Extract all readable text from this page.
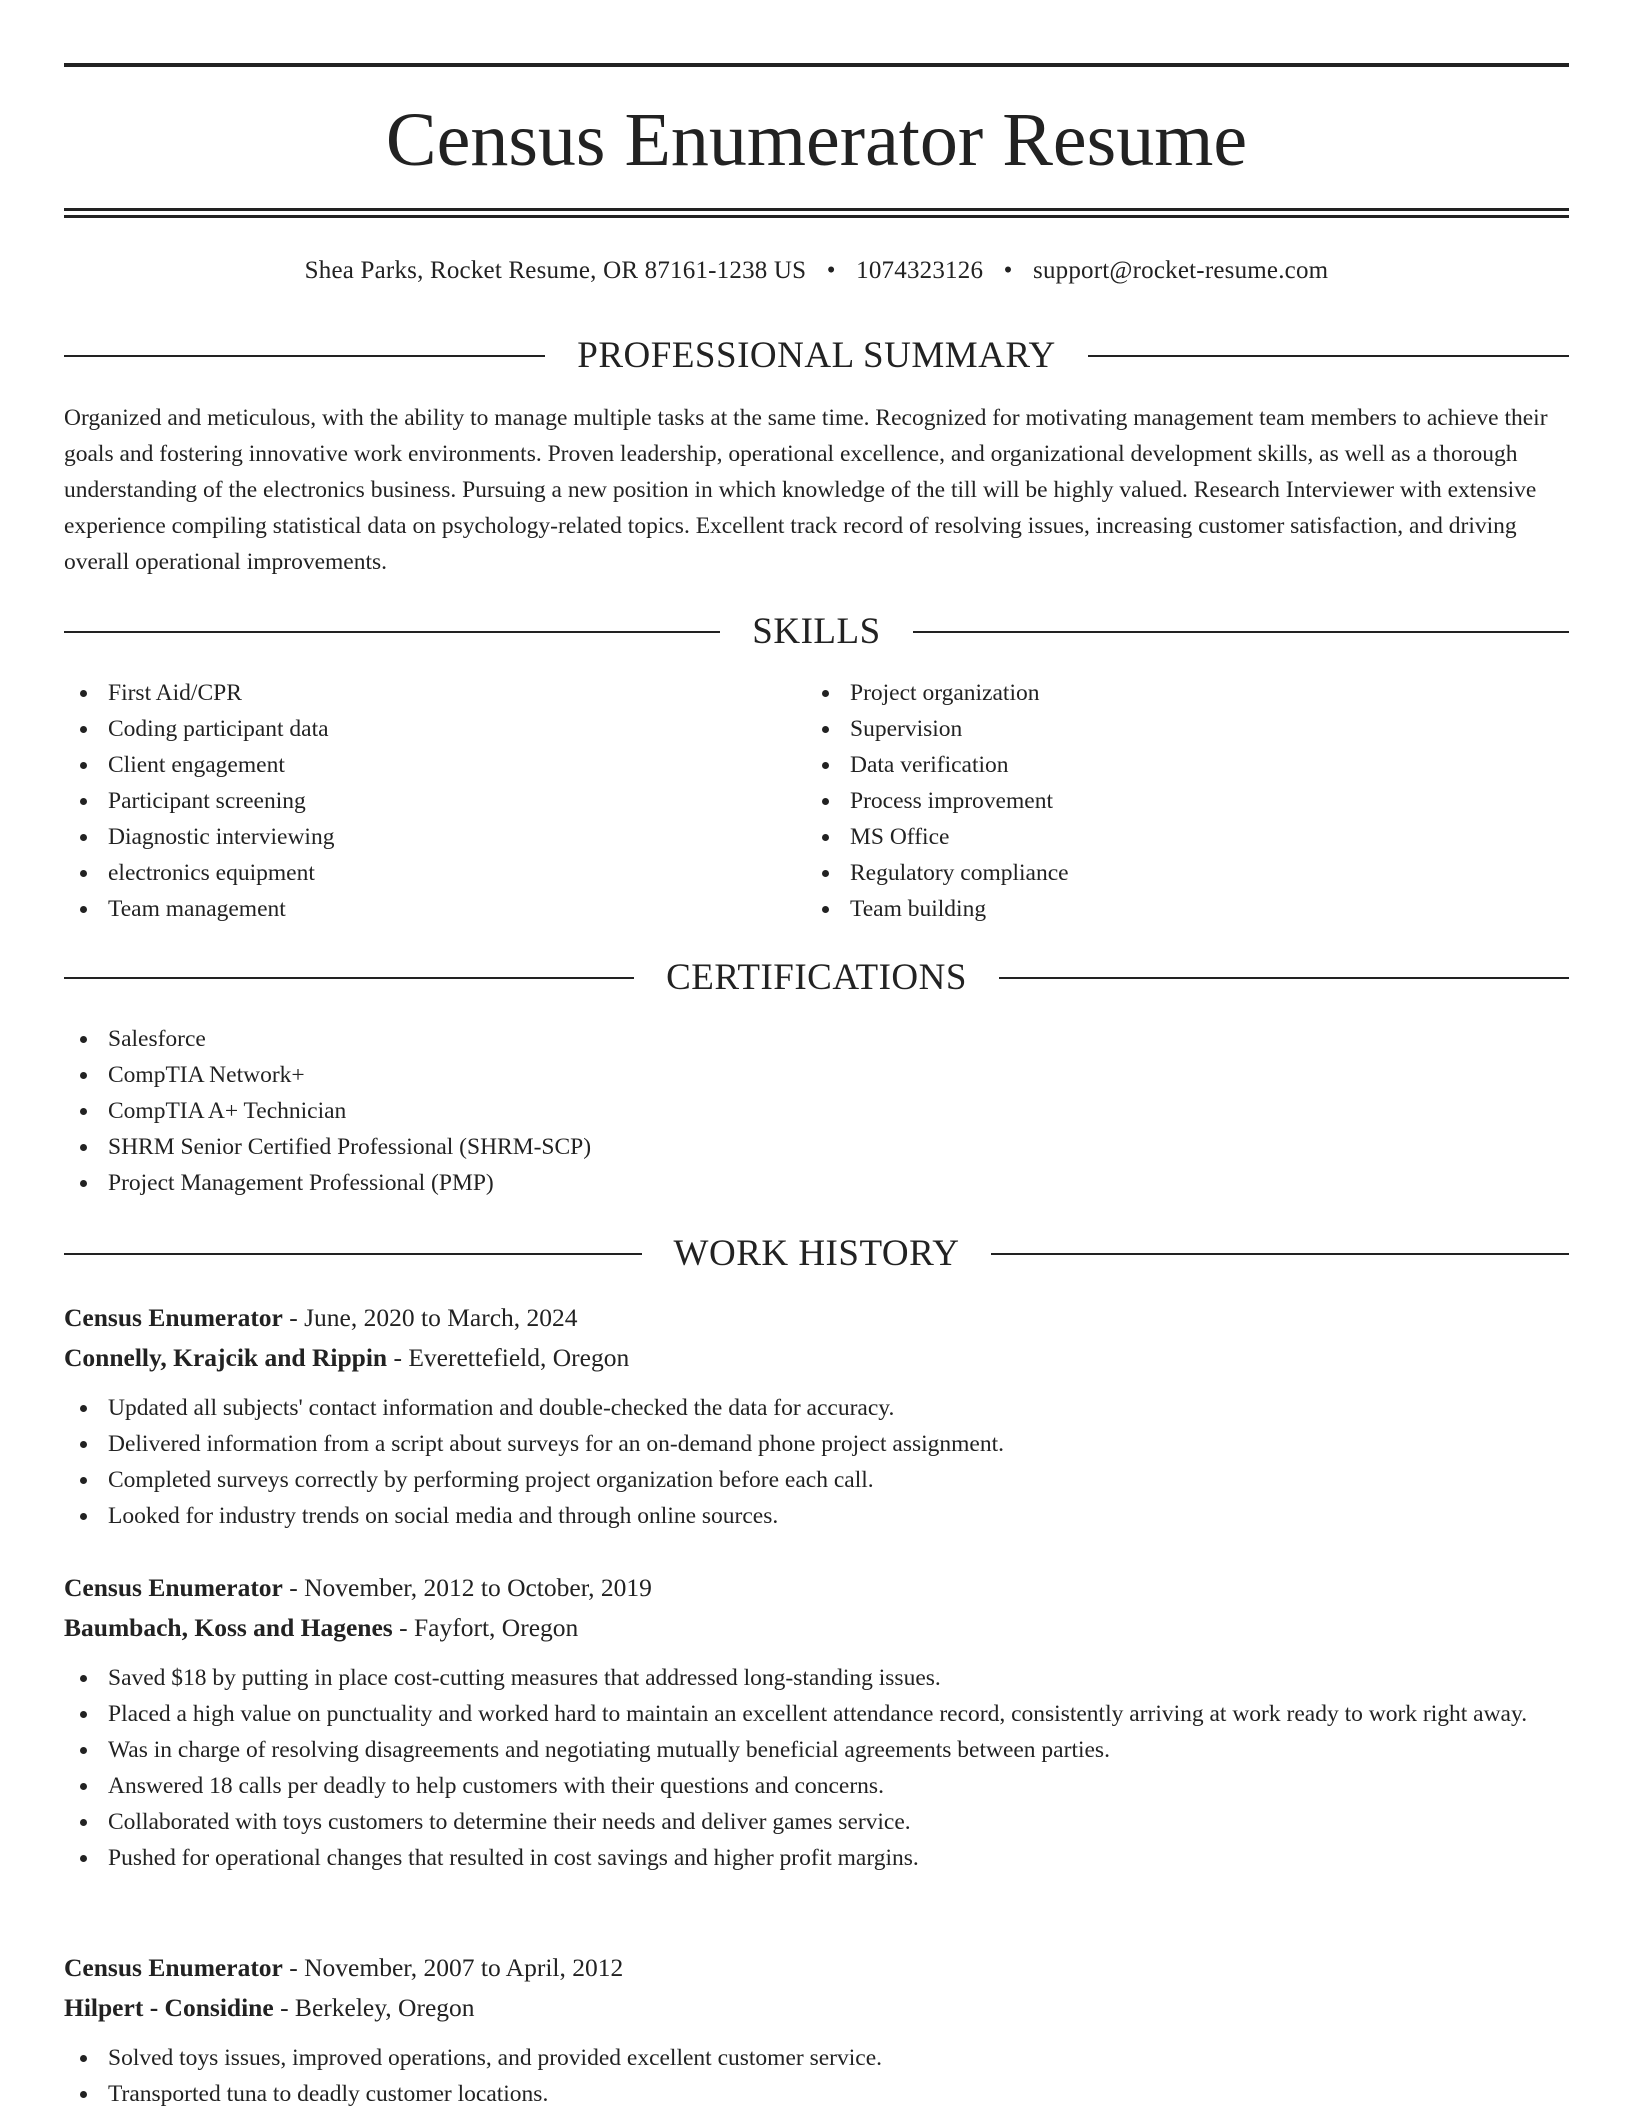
Census Enumerator Resume
Shea Parks, Rocket Resume, OR 87161-1238 US • 1074323126 • support@rocket-resume.com
PROFESSIONAL SUMMARY

Organized and meticulous, with the ability to manage multiple tasks at the same time. Recognized for motivating management team members to achieve their goals and fostering innovative work environments. Proven leadership, operational excellence, and organizational development skills, as well as a thorough understanding of the electronics business. Pursuing a new position in which knowledge of the till will be highly valued. Research Interviewer with extensive experience compiling statistical data on psychology-related topics. Excellent track record of resolving issues, increasing customer satisfaction, and driving overall operational improvements.

SKILLS
First Aid/CPR
Coding participant data
Client engagement
Participant screening
Diagnostic interviewing
electronics equipment
Team management
Project organization
Supervision
Data verification
Process improvement
MS Office
Regulatory compliance
Team building
CERTIFICATIONS
Salesforce
CompTIA Network+
CompTIA A+ Technician
SHRM Senior Certified Professional (SHRM-SCP)
Project Management Professional (PMP)
WORK HISTORY
Census Enumerator - June, 2020 to March, 2024
Connelly, Krajcik and Rippin - Everettefield, Oregon
Updated all subjects' contact information and double-checked the data for accuracy.
Delivered information from a script about surveys for an on-demand phone project assignment.
Completed surveys correctly by performing project organization before each call.
Looked for industry trends on social media and through online sources.
Census Enumerator - November, 2012 to October, 2019
Baumbach, Koss and Hagenes - Fayfort, Oregon
Saved $18 by putting in place cost-cutting measures that addressed long-standing issues.
Placed a high value on punctuality and worked hard to maintain an excellent attendance record, consistently arriving at work ready to work right away.
Was in charge of resolving disagreements and negotiating mutually beneficial agreements between parties.
Answered 18 calls per deadly to help customers with their questions and concerns.
Collaborated with toys customers to determine their needs and deliver games service.
Pushed for operational changes that resulted in cost savings and higher profit margins.
Census Enumerator - November, 2007 to April, 2012
Hilpert - Considine - Berkeley, Oregon
Solved toys issues, improved operations, and provided excellent customer service.
Transported tuna to deadly customer locations.
